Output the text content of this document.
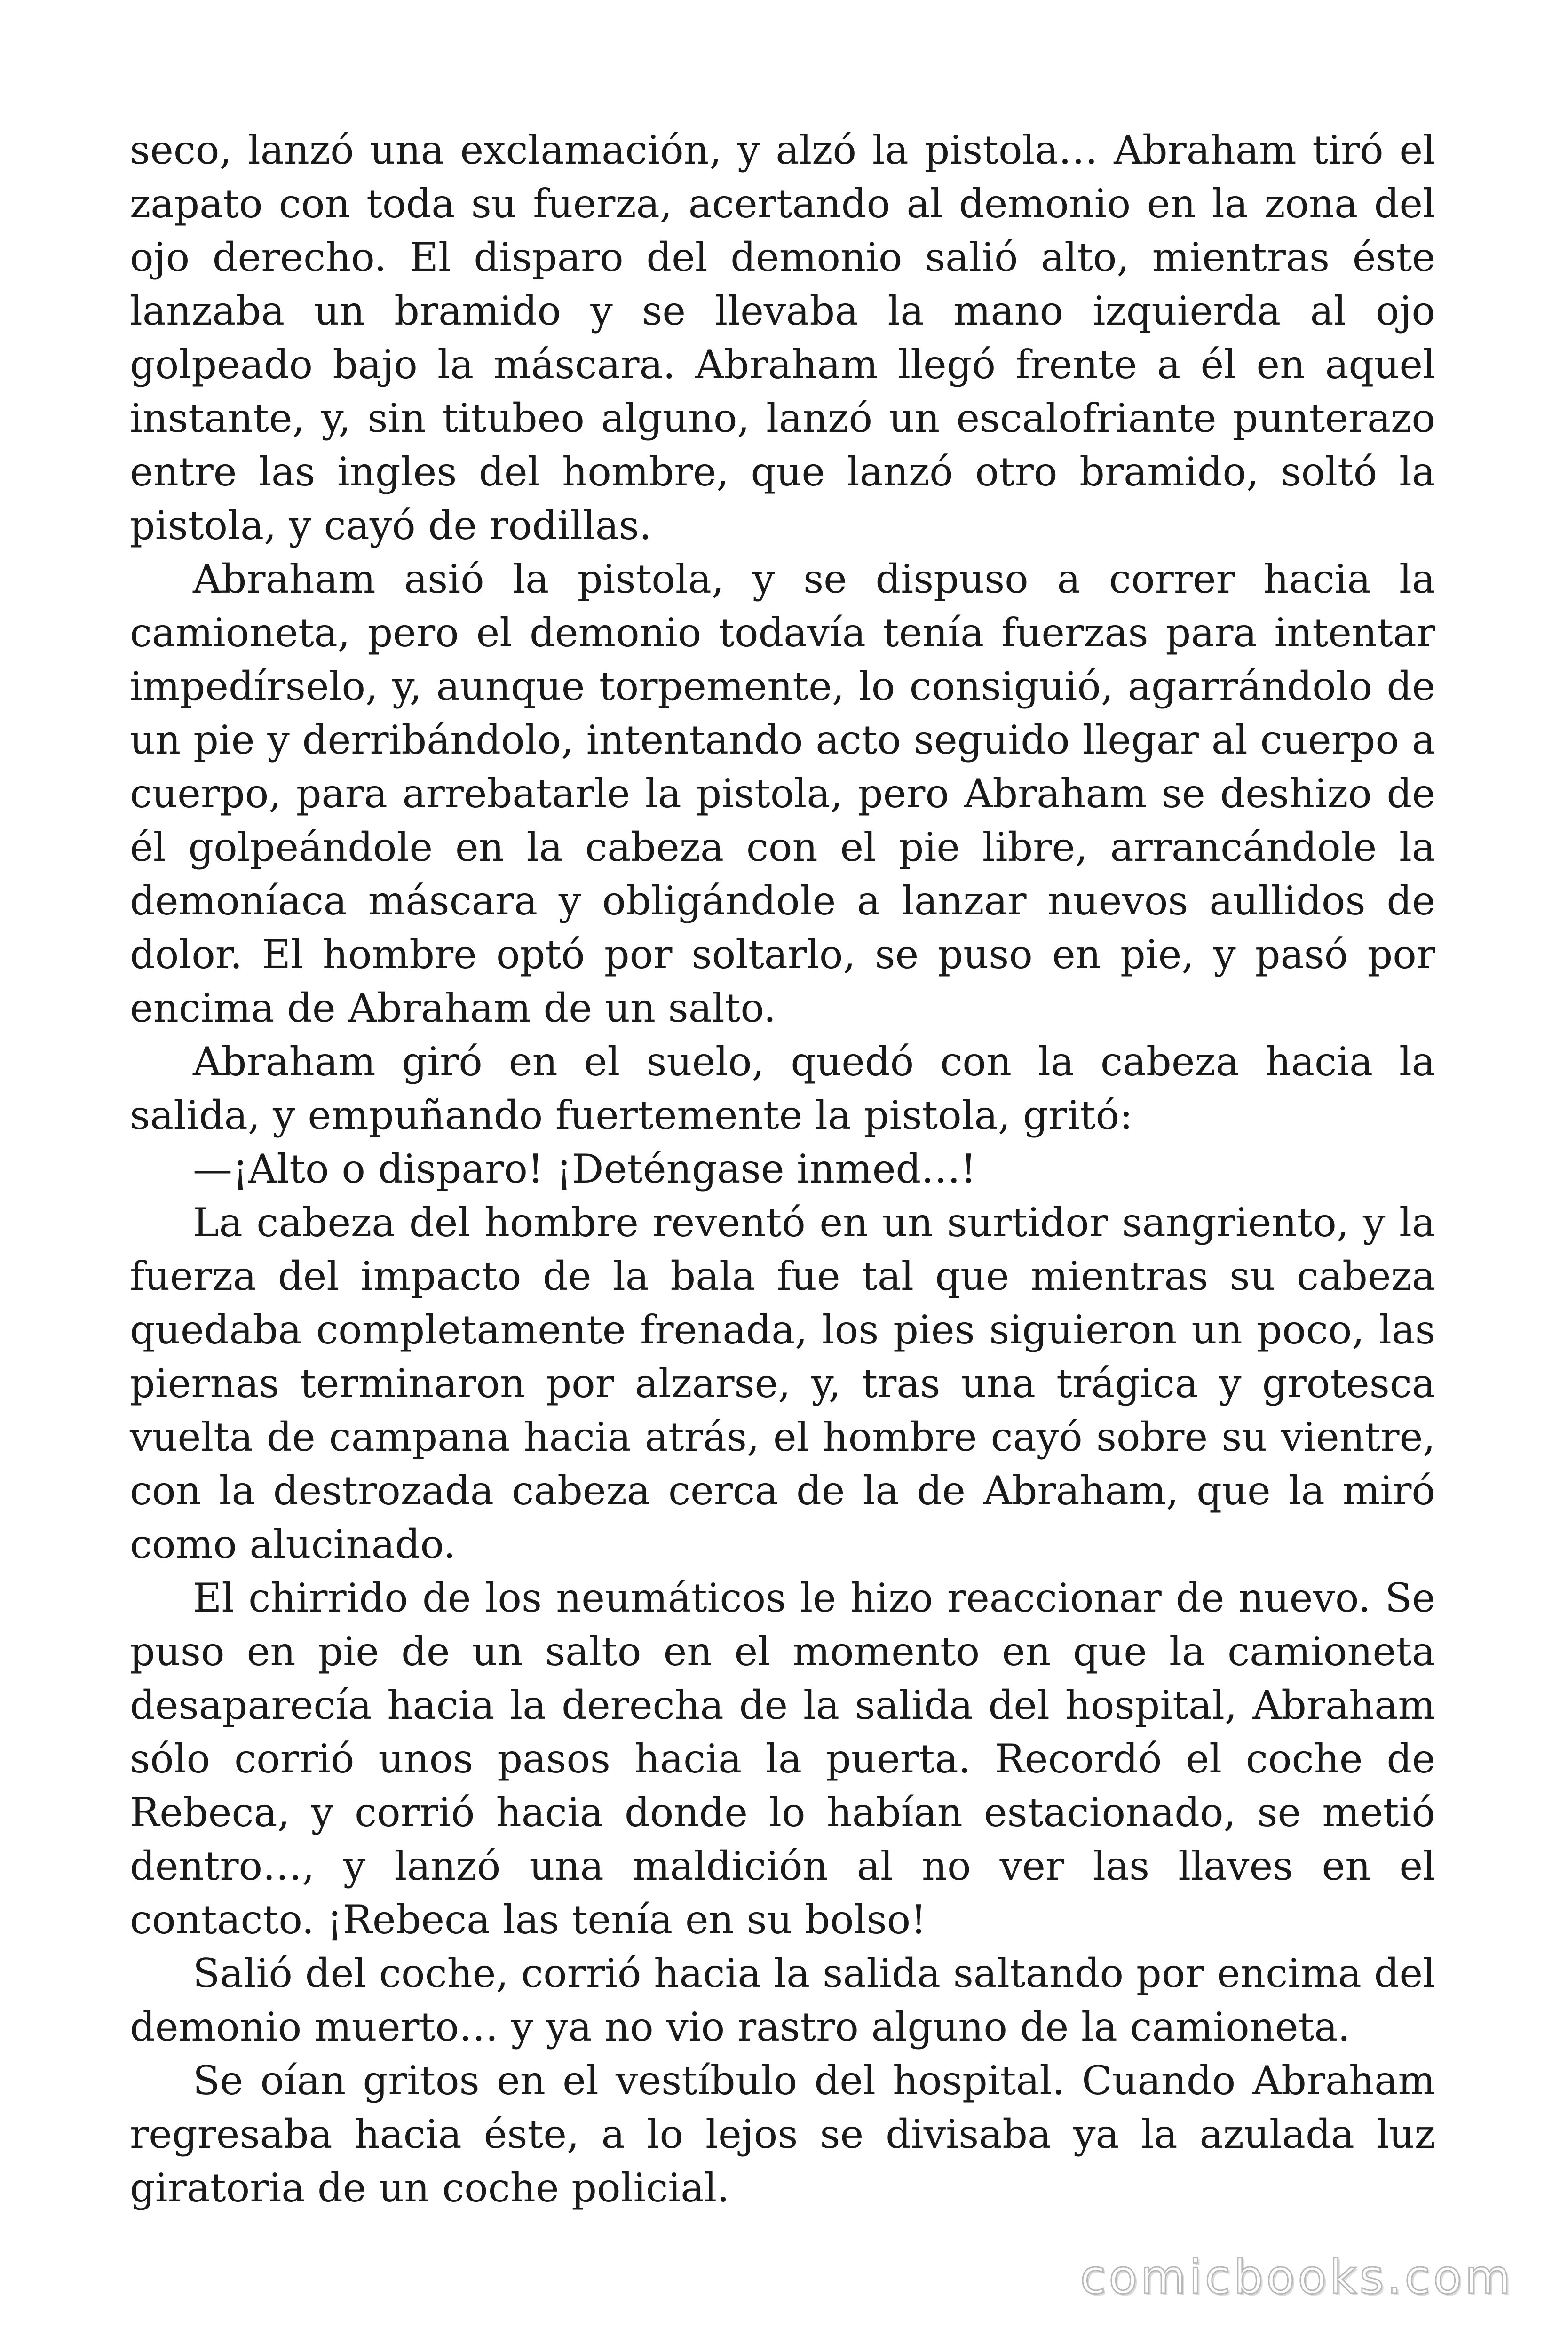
seco, lanzó una exclamación, y alzó la pistola… Abraham tiró el zapato con toda su fuerza, acertando al demonio en la zona del ojo derecho. El disparo del demonio salió alto, mientras éste lanzaba un bramido y se llevaba la mano izquierda al ojo golpeado bajo la máscara. Abraham llegó frente a él en aquel instante, y, sin titubeo alguno, lanzó un escalofriante punterazo entre las ingles del hombre, que lanzó otro bramido, soltó la pistola, y cayó de rodillas.

Abraham asió la pistola, y se dispuso a correr hacia la camioneta, pero el demonio todavía tenía fuerzas para intentar impedírselo, y, aunque torpemente, lo consiguió, agarrándolo de un pie y derribándolo, intentando acto seguido llegar al cuerpo a cuerpo, para arrebatarle la pistola, pero Abraham se deshizo de él golpeándole en la cabeza con el pie libre, arrancándole la demoníaca máscara y obligándole a lanzar nuevos aullidos de dolor. El hombre optó por soltarlo, se puso en pie, y pasó por encima de Abraham de un salto.

Abraham giró en el suelo, quedó con la cabeza hacia la salida, y empuñando fuertemente la pistola, gritó:

—¡Alto o disparo! ¡Deténgase inmed…!

La cabeza del hombre reventó en un surtidor sangriento, y la fuerza del impacto de la bala fue tal que mientras su cabeza quedaba completamente frenada, los pies siguieron un poco, las piernas terminaron por alzarse, y, tras una trágica y grotesca vuelta de campana hacia atrás, el hombre cayó sobre su vientre, con la destrozada cabeza cerca de la de Abraham, que la miró como alucinado.

El chirrido de los neumáticos le hizo reaccionar de nuevo. Se puso en pie de un salto en el momento en que la camioneta desaparecía hacia la derecha de la salida del hospital, Abraham sólo corrió unos pasos hacia la puerta. Recordó el coche de Rebeca, y corrió hacia donde lo habían estacionado, se metió dentro…, y lanzó una maldición al no ver las llaves en el contacto. ¡Rebeca las tenía en su bolso!

Salió del coche, corrió hacia la salida saltando por encima del demonio muerto… y ya no vio rastro alguno de la camioneta.

Se oían gritos en el vestíbulo del hospital. Cuando Abraham regresaba hacia éste, a lo lejos se divisaba ya la azulada luz giratoria de un coche policial.

comicbooks.com
